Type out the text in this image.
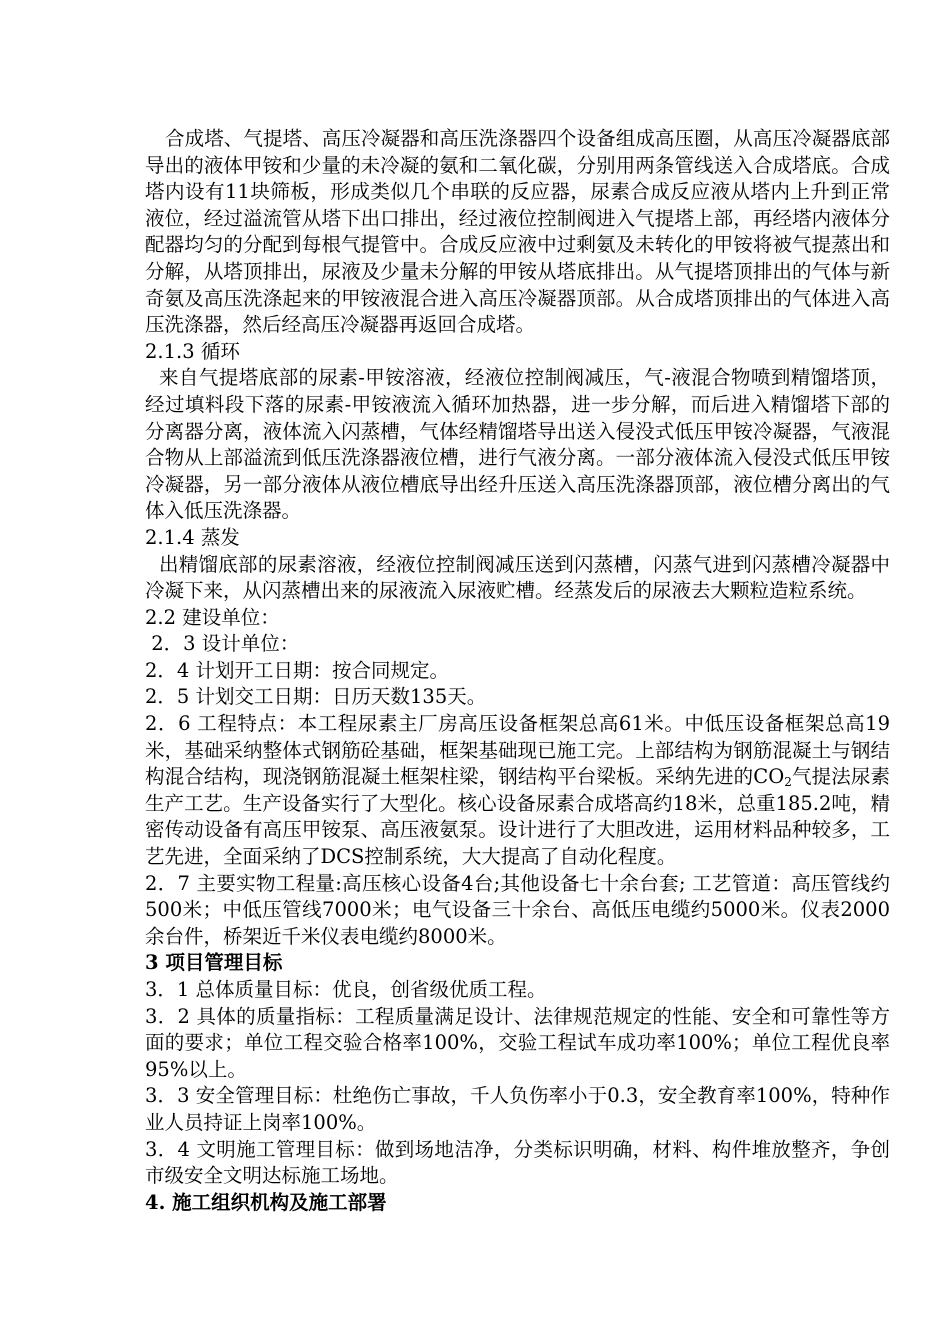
合成塔、气提塔、高压冷凝器和高压洗涤器四个设备组成高压圈，从高压冷凝器底部导出的液体甲铵和少量的未冷凝的氨和二氧化碳，分别用两条管线送入合成塔底。合成塔内设有11块筛板，形成类似几个串联的反应器，尿素合成反应液从塔内上升到正常液位，经过溢流管从塔下出口排出，经过液位控制阀进入气提塔上部，再经塔内液体分配器均匀的分配到每根气提管中。合成反应液中过剩氨及未转化的甲铵将被气提蒸出和分解，从塔顶排出，尿液及少量未分解的甲铵从塔底排出。从气提塔顶排出的气体与新奇氨及高压洗涤起来的甲铵液混合进入高压冷凝器顶部。从合成塔顶排出的气体进入高压洗涤器，然后经高压冷凝器再返回合成塔。

2.1.3 循环

来自气提塔底部的尿素-甲铵溶液，经液位控制阀减压，气-液混合物喷到精馏塔顶，经过填料段下落的尿素-甲铵液流入循环加热器，进一步分解，而后进入精馏塔下部的分离器分离，液体流入闪蒸槽，气体经精馏塔导出送入侵没式低压甲铵冷凝器，气液混合物从上部溢流到低压洗涤器液位槽，进行气液分离。一部分液体流入侵没式低压甲铵冷凝器，另一部分液体从液位槽底导出经升压送入高压洗涤器顶部，液位槽分离出的气体入低压洗涤器。

2.1.4 蒸发

出精馏底部的尿素溶液，经液位控制阀减压送到闪蒸槽，闪蒸气进到闪蒸槽冷凝器中冷凝下来，从闪蒸槽出来的尿液流入尿液贮槽。经蒸发后的尿液去大颗粒造粒系统。

2.2 建设单位：

2．3 设计单位：

2．4 计划开工日期：按合同规定。

2．5 计划交工日期：日历天数135天。

2．6 工程特点：本工程尿素主厂房高压设备框架总高61米。中低压设备框架总高19米，基础采纳整体式钢筋砼基础，框架基础现已施工完。上部结构为钢筋混凝土与钢结构混合结构，现浇钢筋混凝土框架柱梁，钢结构平台梁板。采纳先进的$CO_2$气提法尿素生产工艺。生产设备实行了大型化。核心设备尿素合成塔高约18米，总重185.2吨，精密传动设备有高压甲铵泵、高压液氨泵。设计进行了大胆改进，运用材料品种较多，工艺先进，全面采纳了DCS控制系统，大大提高了自动化程度。

2．7 主要实物工程量:高压核心设备4台;其他设备七十余台套; 工艺管道：高压管线约500米；中低压管线7000米；电气设备三十余台、高低压电缆约5000米。仪表2000余台件，桥架近千米仪表电缆约8000米。

3 项目管理目标

3．1 总体质量目标：优良，创省级优质工程。

3．2 具体的质量指标：工程质量满足设计、法律规范规定的性能、安全和可靠性等方面的要求；单位工程交验合格率100%，交验工程试车成功率100%；单位工程优良率95%以上。

3．3 安全管理目标：杜绝伤亡事故，千人负伤率小于0.3，安全教育率100%，特种作业人员持证上岗率100%。

3．4 文明施工管理目标：做到场地洁净，分类标识明确，材料、构件堆放整齐，争创市级安全文明达标施工场地。

4. 施工组织机构及施工部署
